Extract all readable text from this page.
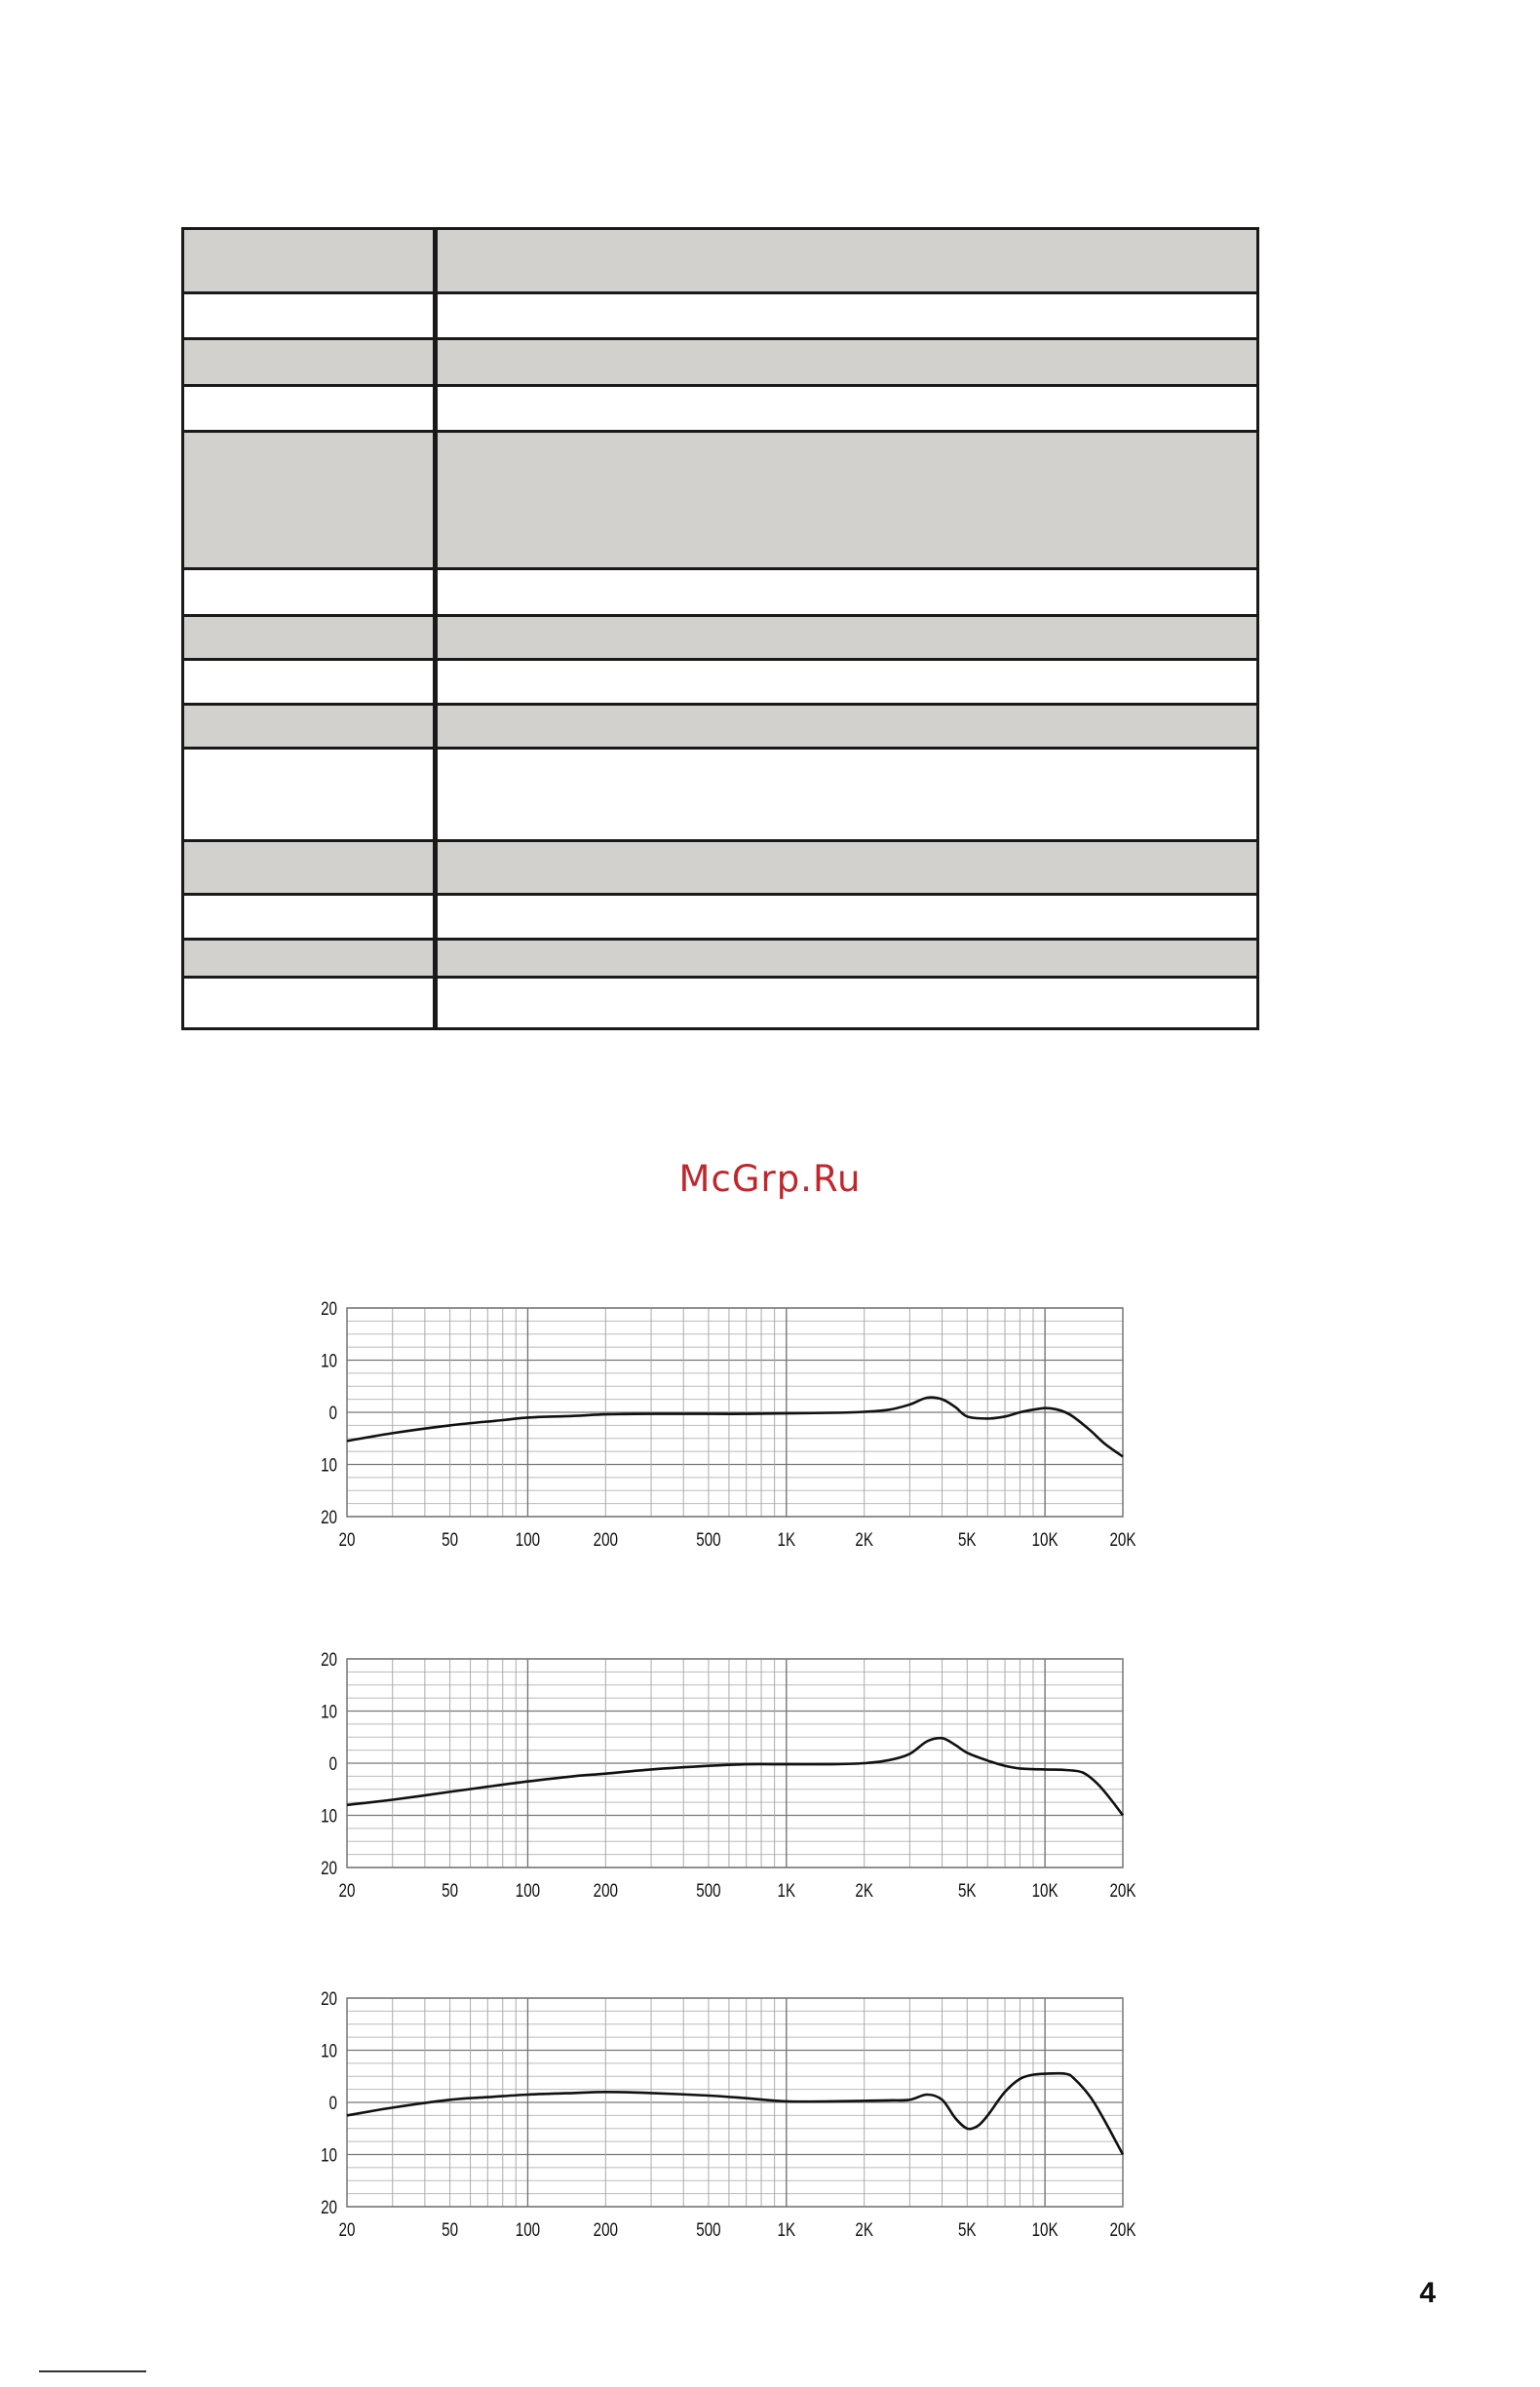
McGrp.Ru
20
10
0
10
20
20	50	100	200	500	1K	2K	5K	10K	20K
20
10
0
10
20
20	50	100	200	500	1K	2K	5K	10K	20K
20
10
0
10
20
20	50	100	200	500	1K	2K	5K	10K	20K
4
